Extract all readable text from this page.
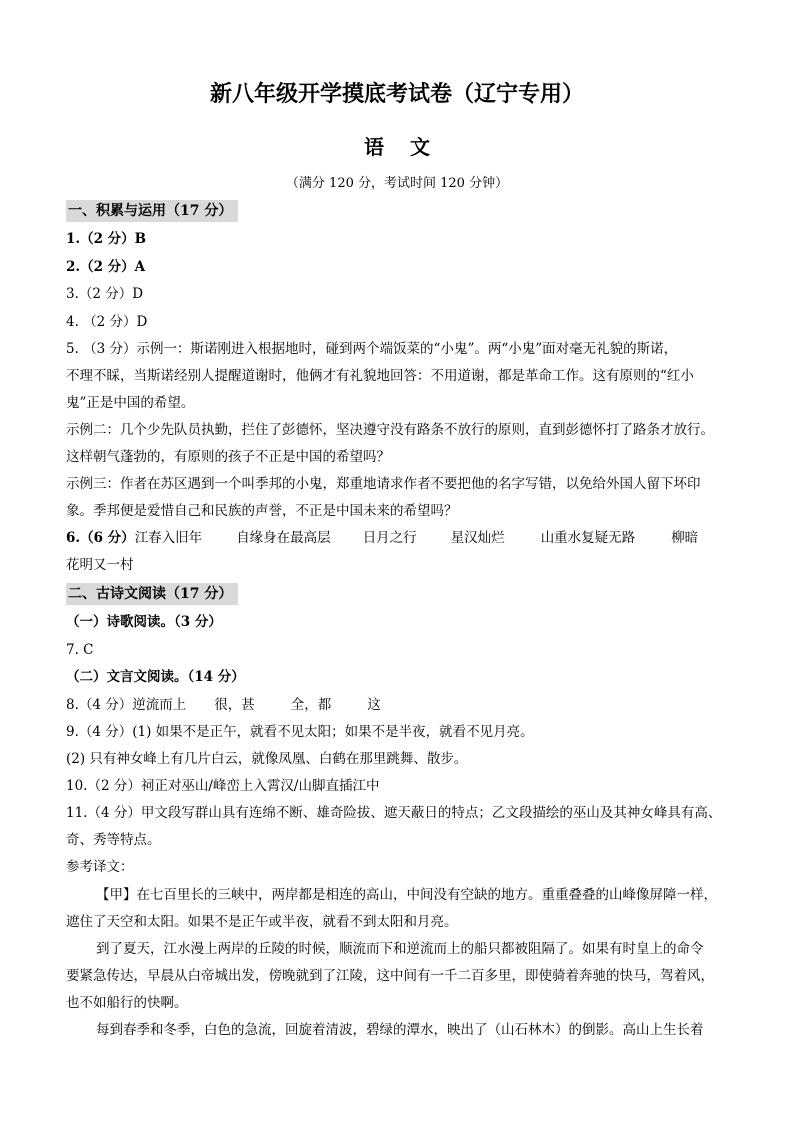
新八年级开学摸底考试卷（辽宁专用）
语文
（满分 120 分，考试时间 120 分钟）
一、积累与运用（17 分）
1.（2 分）B
2.（2 分）A
3.（2 分）D
4. （2 分）D
5. （3 分）示例一：斯诺刚进入根据地时，碰到两个端饭菜的“小鬼”。两“小鬼”面对毫无礼貌的斯诺，
不理不睬，当斯诺经别人提醒道谢时，他俩才有礼貌地回答：不用道谢，都是革命工作。这有原则的“红小
鬼”正是中国的希望。
示例二：几个少先队员执勤，拦住了彭德怀，坚决遵守没有路条不放行的原则，直到彭德怀打了路条才放行。
这样朝气蓬勃的，有原则的孩子不正是中国的希望吗？
示例三：作者在苏区遇到一个叫季邦的小鬼，郑重地请求作者不要把他的名字写错，以免给外国人留下坏印
象。季邦便是爱惜自己和民族的声誉，不正是中国未来的希望吗？
6.（6 分）江春入旧年	自缘身在最高层 日月之行	星汉灿烂	山重水复疑无路	柳暗
花明又一村
二、古诗文阅读（17 分）
（一）诗歌阅读。（3 分）
7. C
（二）文言文阅读。（14 分）
8.（4 分）逆流而上 很，甚	全，都	这
9.（4 分）(1) 如果不是正午，就看不见太阳；如果不是半夜，就看不见月亮。
(2) 只有神女峰上有几片白云，就像凤凰、白鹤在那里跳舞、散步。
10.（2 分）祠正对巫山/峰峦上入霄汉/山脚直插江中
11.（4 分）甲文段写群山具有连绵不断、雄奇险拔、遮天蔽日的特点；乙文段描绘的巫山及其神女峰具有高、
奇、秀等特点。
参考译文：
【甲】在七百里长的三峡中，两岸都是相连的高山，中间没有空缺的地方。重重叠叠的山峰像屏障一样，
遮住了天空和太阳。如果不是正午或半夜，就看不到太阳和月亮。
到了夏天，江水漫上两岸的丘陵的时候，顺流而下和逆流而上的船只都被阻隔了。如果有时皇上的命令
要紧急传达，早晨从白帝城出发，傍晚就到了江陵，这中间有一千二百多里，即使骑着奔驰的快马，驾着风，
也不如船行的快啊。
每到春季和冬季，白色的急流，回旋着清波，碧绿的潭水，映出了（山石林木）的倒影。高山上生长着
